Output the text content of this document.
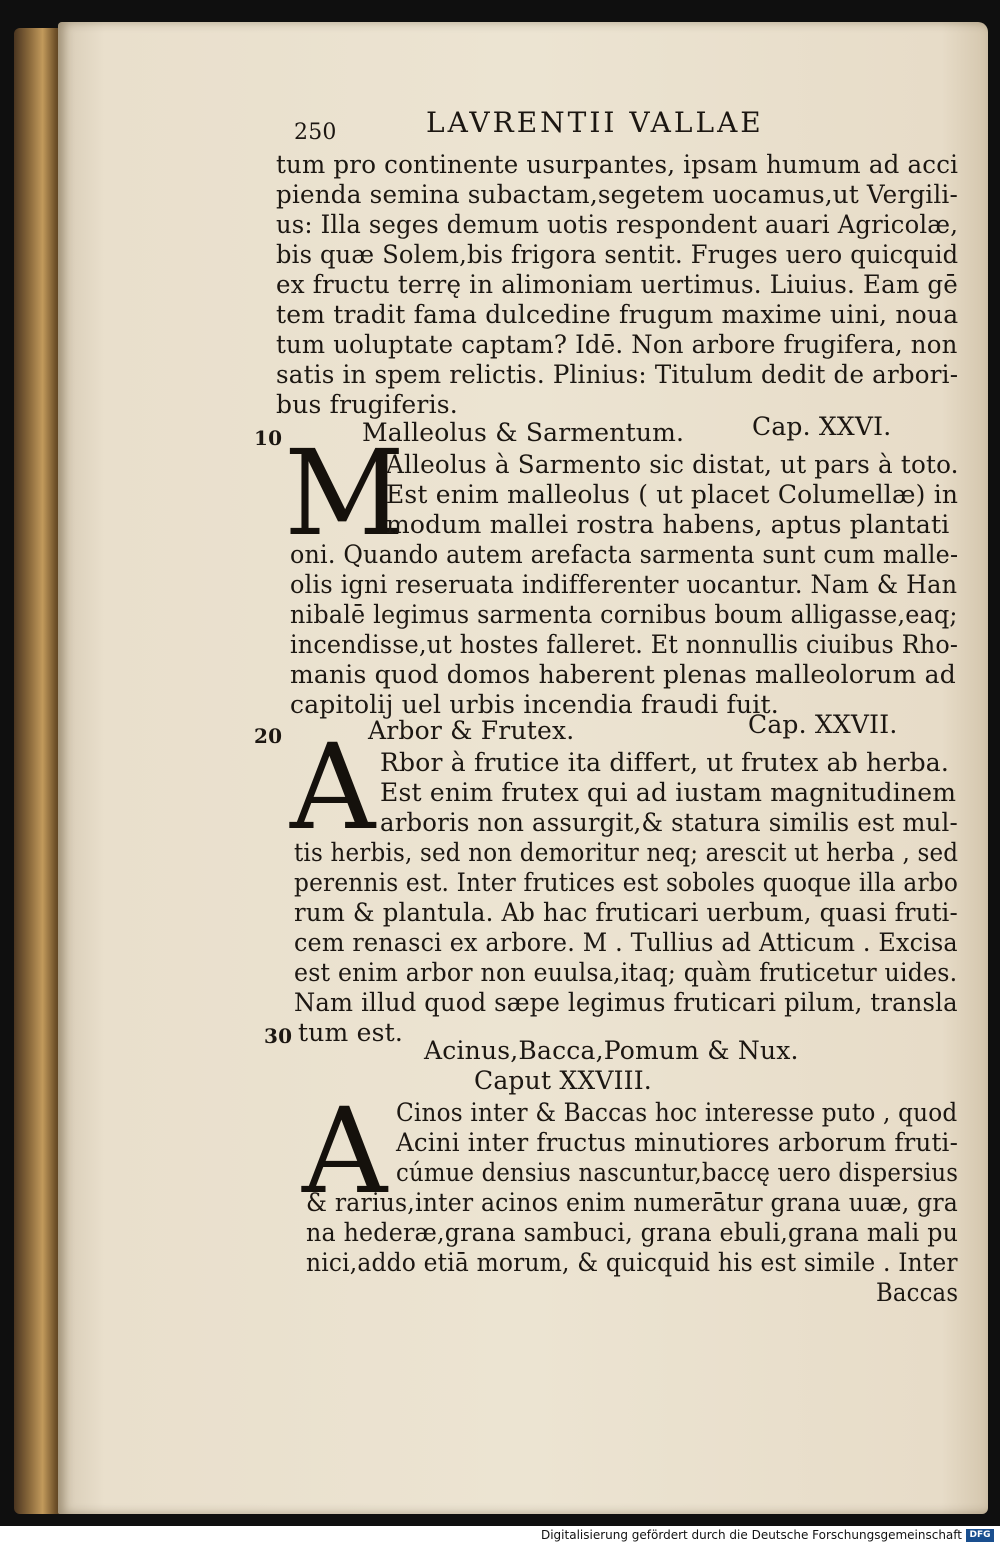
250	LAVRENTII VALLAE
tum pro continente usurpantes, ipsam humum ad acci
pienda semina subactam,segetem uocamus,ut Vergili-
us: Illa seges demum uotis respondent auari Agricolæ,
bis quæ Solem,bis frigora sentit. Fruges uero quicquid
ex fructu terrę in alimoniam uertimus. Liuius. Eam gē
tem tradit fama dulcedine frugum maxime uini, noua
tum uoluptate captam? Idē. Non arbore frugifera, non
satis in spem relictis. Plinius: Titulum dedit de arbori-
bus frugiferis.
10	Malleolus & Sarmentum.	Cap. XXVI.
M
Alleolus à Sarmento sic distat, ut pars à toto.
Est enim malleolus ( ut placet Columellæ) in
modum mallei rostra habens, aptus plantati
oni. Quando autem arefacta sarmenta sunt cum malle-
olis igni reseruata indifferenter uocantur. Nam & Han
nibalē legimus sarmenta cornibus boum alligasse,eaq;
incendisse,ut hostes falleret. Et nonnullis ciuibus Rho-
manis quod domos haberent plenas malleolorum ad
capitolij uel urbis incendia fraudi fuit.
20	Arbor & Frutex.	Cap. XXVII.
A Rbor à frutice ita differt, ut frutex ab herba.
Est enim frutex qui ad iustam magnitudinem
arboris non assurgit,& statura similis est mul-
tis herbis, sed non demoritur neq; arescit ut herba , sed
perennis est. Inter frutices est soboles quoque illa arbo
rum & plantula. Ab hac fruticari uerbum, quasi fruti-
cem renasci ex arbore. M . Tullius ad Atticum . Excisa
est enim arbor non euulsa,itaq; quàm fruticetur uides.
Nam illud quod sæpe legimus fruticari pilum, transla
30 tum est.
Acinus,Bacca,Pomum & Nux.
Caput XXVIII.
A Cinos inter & Baccas hoc interesse puto , quod
Acini inter fructus minutiores arborum fruti-
cúmue densius nascuntur,baccę uero dispersius
& rarius,inter acinos enim numerātur grana uuæ, gra
na hederæ,grana sambuci, grana ebuli,grana mali pu
nici,addo etiā morum, & quicquid his est simile . Inter
Baccas
Digitalisierung gefördert durch die Deutsche Forschungsgemeinschaft DFG
